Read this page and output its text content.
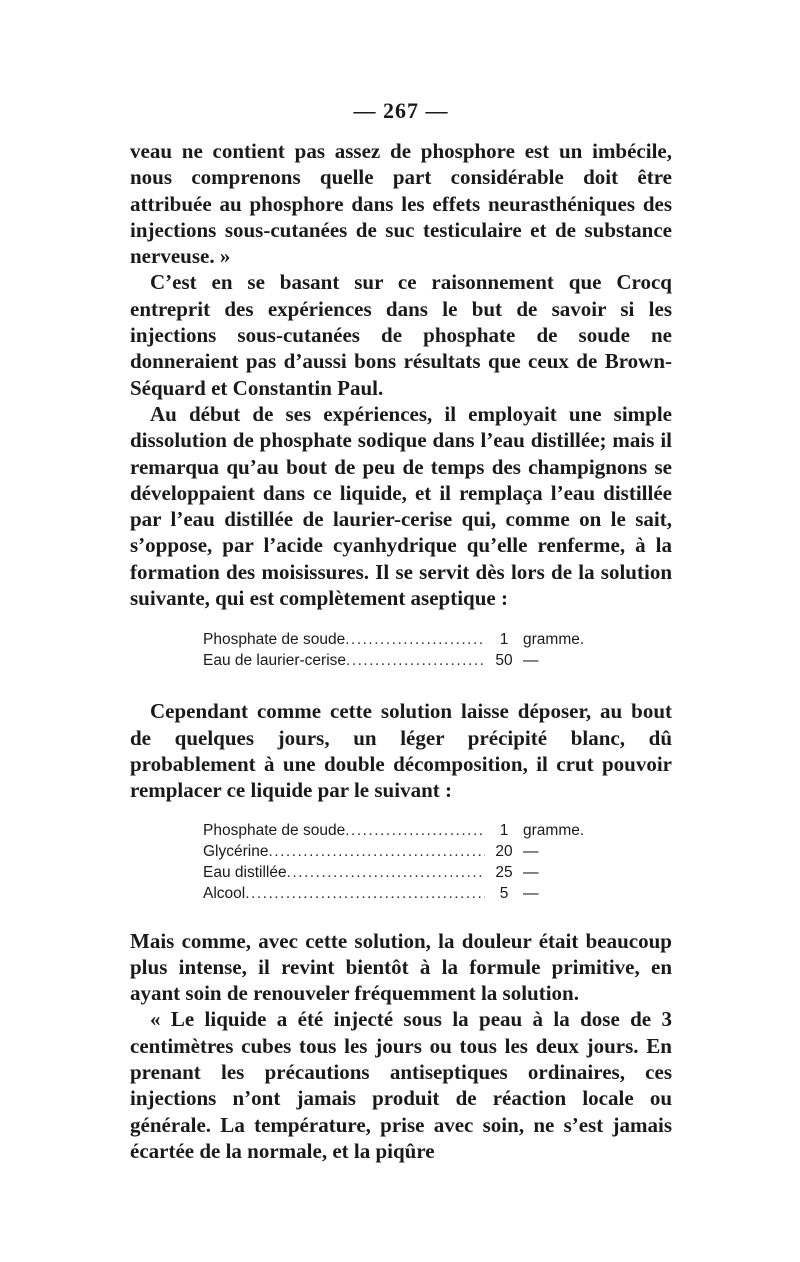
— 267 —

veau ne contient pas assez de phosphore est un imbécile, nous comprenons quelle part considérable doit être attribuée au phosphore dans les effets neurasthéniques des injections sous-cutanées de suc testiculaire et de substance nerveuse. »

C’est en se basant sur ce raisonnement que Crocq entreprit des expériences dans le but de savoir si les injections sous-cutanées de phosphate de soude ne donneraient pas d’aussi bons résultats que ceux de Brown-Séquard et Constantin Paul.

Au début de ses expériences, il employait une simple dissolution de phosphate sodique dans l’eau distillée; mais il remarqua qu’au bout de peu de temps des champignons se développaient dans ce liquide, et il remplaça l’eau distillée par l’eau distillée de laurier-cerise qui, comme on le sait, s’oppose, par l’acide cyanhydrique qu’elle renferme, à la formation des moisissures. Il se servit dès lors de la solution suivante, qui est complètement aseptique :

Phosphate de soude .....	1 gramme.
Eau de laurier-cerise .....	50 —

Cependant comme cette solution laisse déposer, au bout de quelques jours, un léger précipité blanc, dû probablement à une double décomposition, il crut pouvoir remplacer ce liquide par le suivant :

Phosphate de soude .....	1 gramme.
Glycérine .....	20 —
Eau distillée .....	25 —
Alcool .....	5 —

Mais comme, avec cette solution, la douleur était beaucoup plus intense, il revint bientôt à la formule primitive, en ayant soin de renouveler fréquemment la solution.

« Le liquide a été injecté sous la peau à la dose de 3 centimètres cubes tous les jours ou tous les deux jours. En prenant les précautions antiseptiques ordinaires, ces injections n’ont jamais produit de réaction locale ou générale. La température, prise avec soin, ne s’est jamais écartée de la normale, et la piqûre
